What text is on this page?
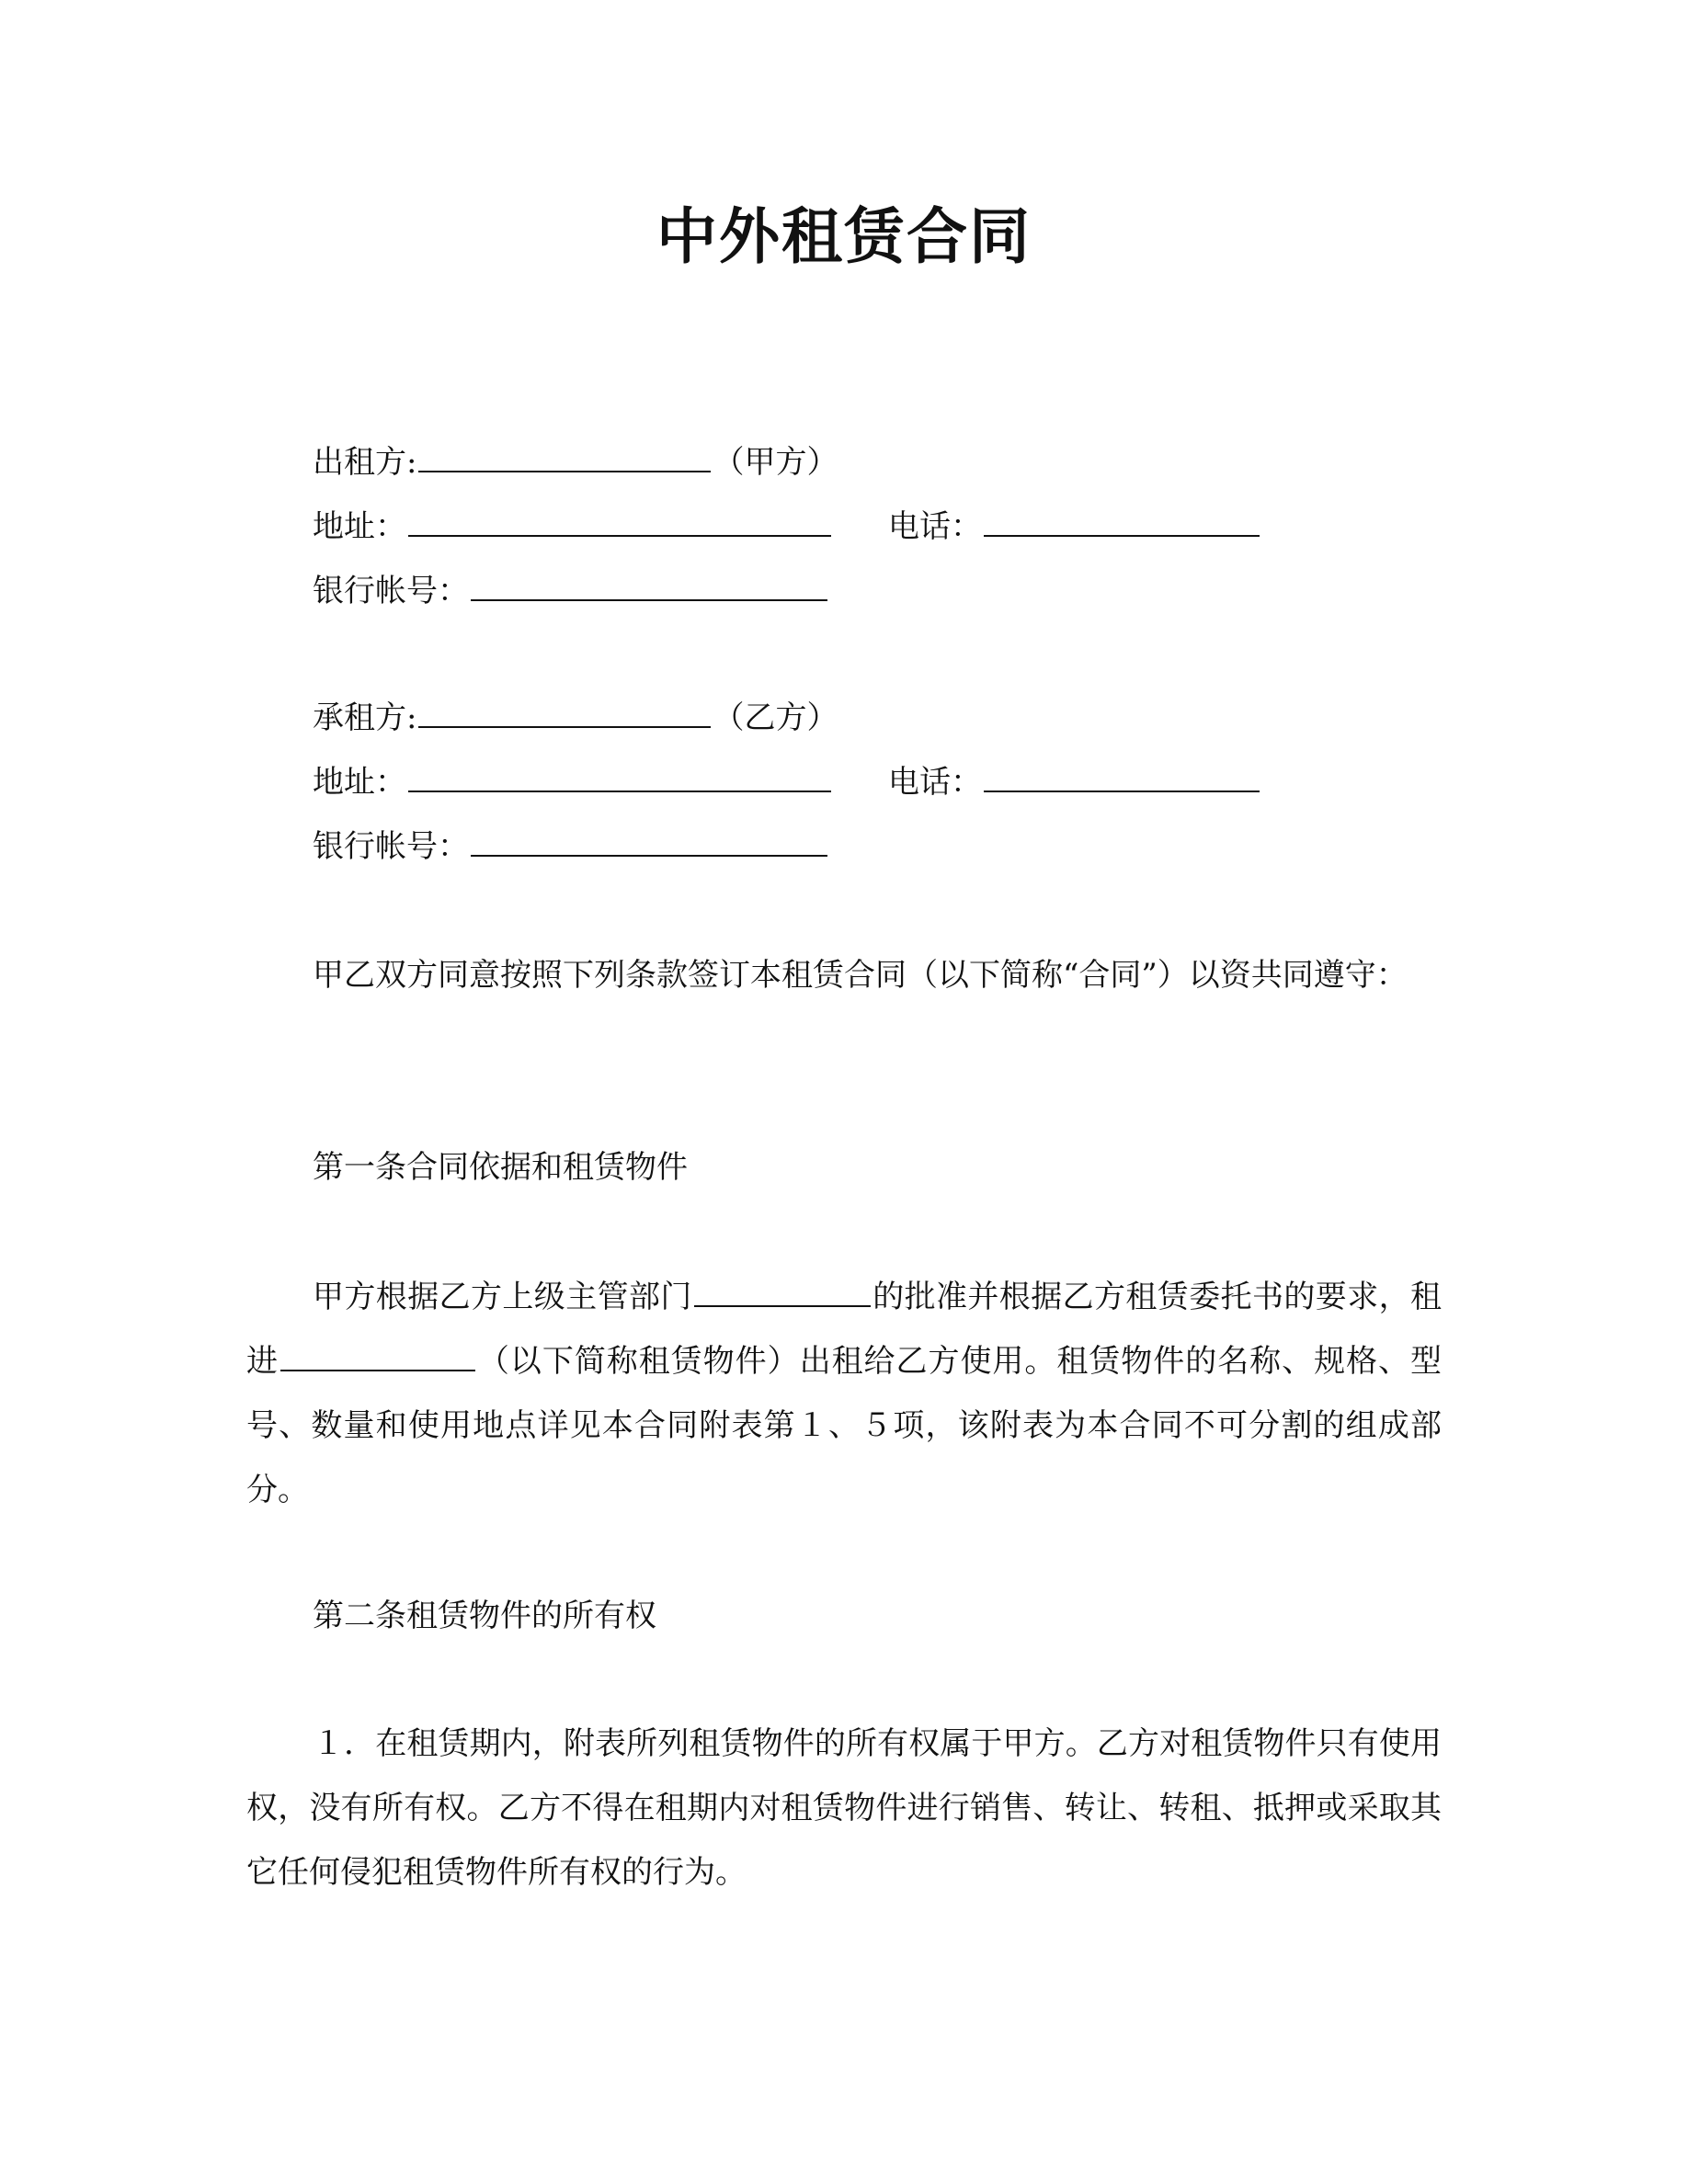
中外租赁合同
出租方:	（甲方）
地址：	电话：
银行帐号：
承租方:	（乙方）
地址：	电话：
银行帐号：
甲乙双方同意按照下列条款签订本租赁合同（以下简称“合同”）以资共同遵守：
第一条合同依据和租赁物件
甲方根据乙方上级主管部门	的批准并根据乙方租赁委托书的要求，租进	（以下简称租赁物件）出租给乙方使用。租赁物件的名称、规格、型号、数量和使用地点详见本合同附表第１、５项，该附表为本合同不可分割的组成部分。
第二条租赁物件的所有权
１．在租赁期内，附表所列租赁物件的所有权属于甲方。乙方对租赁物件只有使用权，没有所有权。乙方不得在租期内对租赁物件进行销售、转让、转租、抵押或采取其它任何侵犯租赁物件所有权的行为。
